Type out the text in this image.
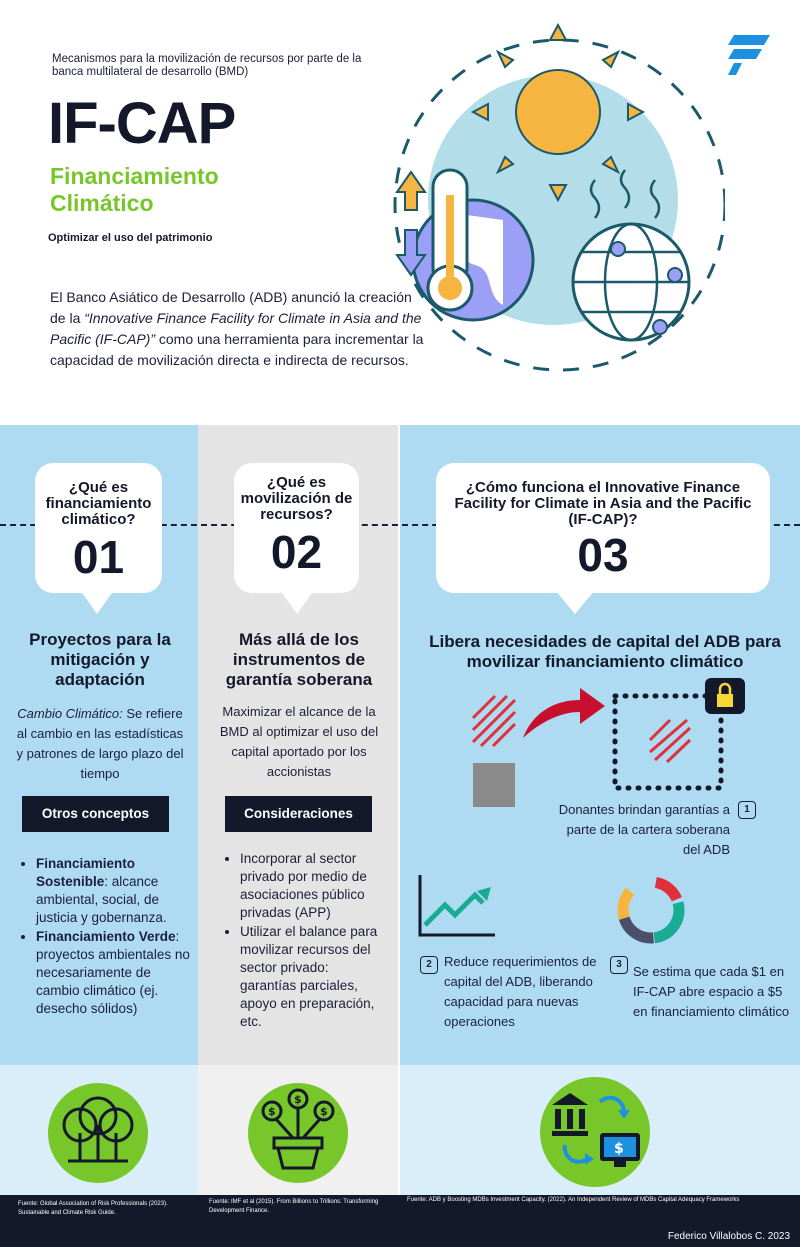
Mecanismos para la movilización de recursos por parte de la banca multilateral de desarrollo (BMD)
IF-CAP
Financiamiento Climático
Optimizar el uso del patrimonio
El Banco Asiático de Desarrollo (ADB) anunció la creación de la “Innovative Finance Facility for Climate in Asia and the Pacific (IF-CAP)” como una herramienta para incrementar la capacidad de movilización directa e indirecta de recursos.
¿Qué es financiamiento climático?
01
Proyectos para la mitigación y adaptación
Cambio Climático: Se refiere al cambio en las estadísticas y patrones de largo plazo del tiempo
Otros conceptos
• Financiamiento Sostenible: alcance ambiental, social, de justicia y gobernanza.
• Financiamiento Verde: proyectos ambientales no necesariamente de cambio climático (ej. desecho sólidos)
¿Qué es movilización de recursos?
02
Más allá de los instrumentos de garantía soberana
Maximizar el alcance de la BMD al optimizar el uso del capital aportado por los accionistas
Consideraciones
• Incorporar al sector privado por medio de asociaciones público privadas (APP)
• Utilizar el balance para movilizar recursos del sector privado: garantías parciales, apoyo en preparación, etc.
¿Cómo funciona el Innovative Finance Facility for Climate in Asia and the Pacific (IF-CAP)?
03
Libera necesidades de capital del ADB para movilizar financiamiento climático
Donantes brindan garantías a parte de la cartera soberana del ADB
1
2 Reduce requerimientos de capital del ADB, liberando capacidad para nuevas operaciones
3 Se estima que cada $1 en IF-CAP abre espacio a $5 en financiamiento climático
$
$
$
$
Fuente: Global Association of Risk Professionals (2023). Sustainable and Climate Risk Guide.
Fuente: IMF et al (2015). From Billions to Trillions: Transforming Development Finance.
Fuente: ADB y Boosting MDBs Investment Capacity. (2022). An Independent Review of MDBs Capital Adequacy Frameworks
Federico Villalobos C. 2023
